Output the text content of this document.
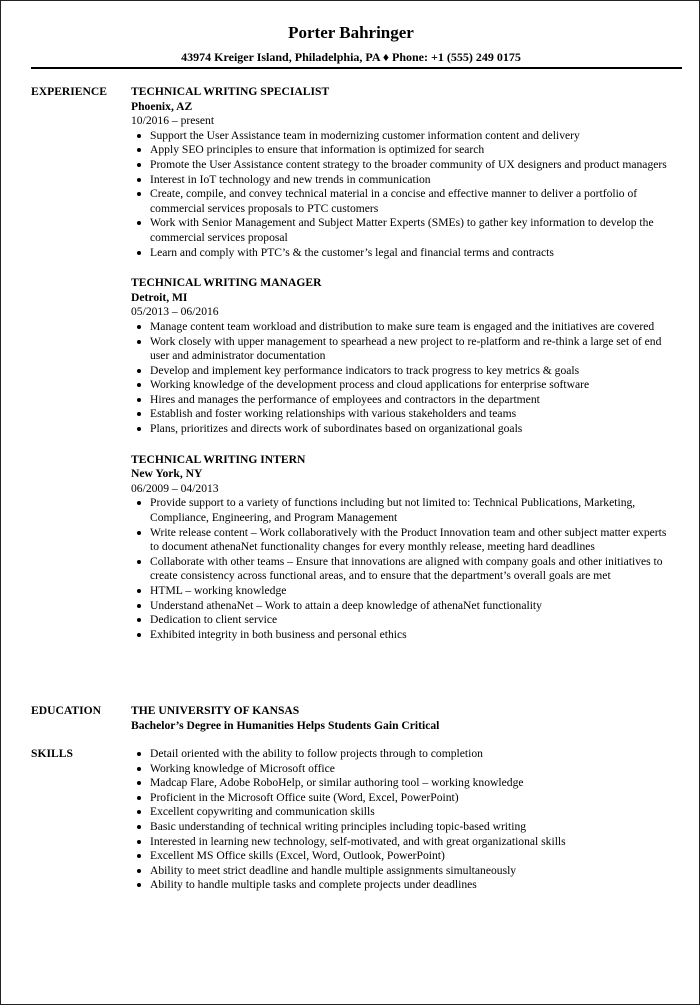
Porter Bahringer
43974 Kreiger Island, Philadelphia, PA ♦ Phone: +1 (555) 249 0175
EXPERIENCE TECHNICAL WRITING SPECIALIST
Phoenix, AZ
10/2016 – present
Support the User Assistance team in modernizing customer information content and delivery
Apply SEO principles to ensure that information is optimized for search
Promote the User Assistance content strategy to the broader community of UX designers and product managers
Interest in IoT technology and new trends in communication
Create, compile, and convey technical material in a concise and effective manner to deliver a portfolio of commercial services proposals to PTC customers
Work with Senior Management and Subject Matter Experts (SMEs) to gather key information to develop the commercial services proposal
Learn and comply with PTC’s & the customer’s legal and financial terms and contracts
TECHNICAL WRITING MANAGER
Detroit, MI
05/2013 – 06/2016
Manage content team workload and distribution to make sure team is engaged and the initiatives are covered
Work closely with upper management to spearhead a new project to re-platform and re-think a large set of end user and administrator documentation
Develop and implement key performance indicators to track progress to key metrics & goals
Working knowledge of the development process and cloud applications for enterprise software
Hires and manages the performance of employees and contractors in the department
Establish and foster working relationships with various stakeholders and teams
Plans, prioritizes and directs work of subordinates based on organizational goals
TECHNICAL WRITING INTERN
New York, NY
06/2009 – 04/2013
Provide support to a variety of functions including but not limited to: Technical Publications, Marketing, Compliance, Engineering, and Program Management
Write release content – Work collaboratively with the Product Innovation team and other subject matter experts to document athenaNet functionality changes for every monthly release, meeting hard deadlines
Collaborate with other teams – Ensure that innovations are aligned with company goals and other initiatives to create consistency across functional areas, and to ensure that the department’s overall goals are met
HTML – working knowledge
Understand athenaNet – Work to attain a deep knowledge of athenaNet functionality
Dedication to client service
Exhibited integrity in both business and personal ethics
EDUCATION	THE UNIVERSITY OF KANSAS
Bachelor’s Degree in Humanities Helps Students Gain Critical
SKILLS	Detail oriented with the ability to follow projects through to completion
Working knowledge of Microsoft office
Madcap Flare, Adobe RoboHelp, or similar authoring tool – working knowledge
Proficient in the Microsoft Office suite (Word, Excel, PowerPoint)
Excellent copywriting and communication skills
Basic understanding of technical writing principles including topic-based writing
Interested in learning new technology, self-motivated, and with great organizational skills
Excellent MS Office skills (Excel, Word, Outlook, PowerPoint)
Ability to meet strict deadline and handle multiple assignments simultaneously
Ability to handle multiple tasks and complete projects under deadlines
